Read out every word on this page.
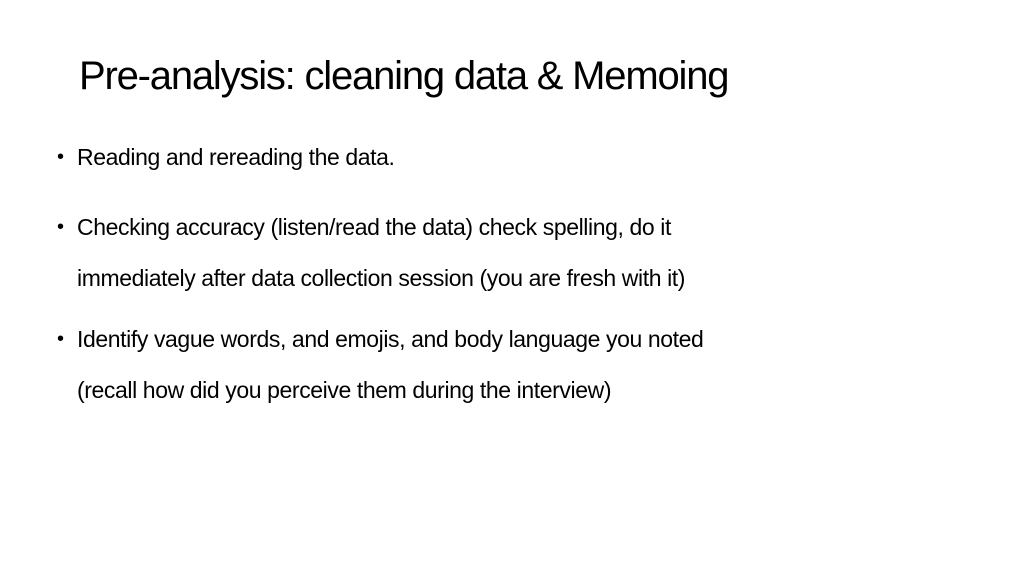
Pre-analysis: cleaning data & Memoing
• Reading and rereading the data.
• Checking accuracy (listen/read the data) check spelling, do it
immediately after data collection session (you are fresh with it)
• Identify vague words, and emojis, and body language you noted
(recall how did you perceive them during the interview)
